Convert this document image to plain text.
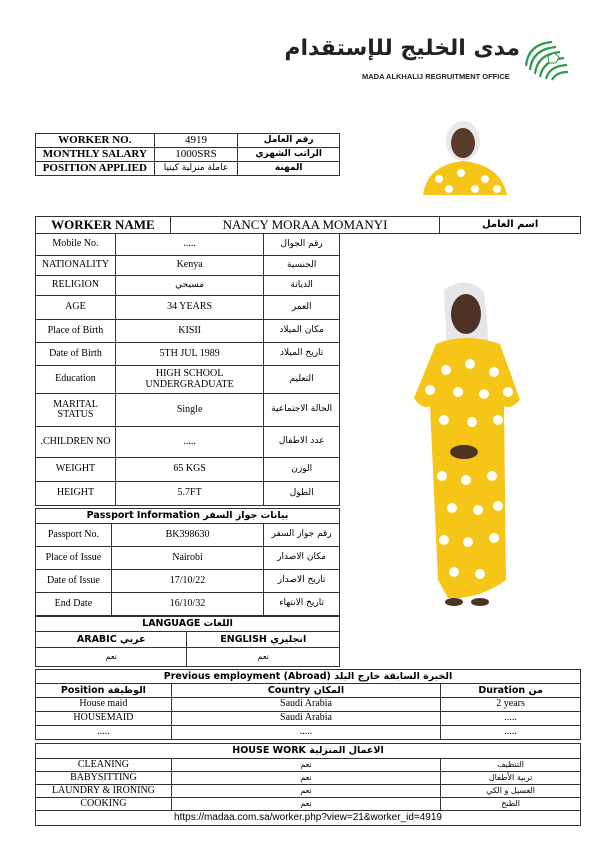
مدى الخليج للإستقدام
MADA ALKHALIJ REGRUITMENT OFFICE
WORKER NO.	4919	رقم العامل
MONTHLY SALARY	1000SRS	الراتب الشهري
POSITION APPLIED	عاملة منزلية كينيا	المهنة
WORKER NAME	NANCY MORAA MOMANYI	اسم العامل
Mobile No.	.....	رقم الجوال
NATIONALITY	Kenya	الجنسية
RELIGION	مسيحي	الديانة
AGE	34 YEARS	العمر
Place of Birth	KISII	مكان الميلاد
Date of Birth	5TH JUL 1989	تاريخ الميلاد
Education	HIGH SCHOOL UNDERGRADUATE	التعليم
MARITAL STATUS	Single	الحالة الاجتماعية
.CHILDREN NO	.....	عدد الاطفال
WEIGHT	65 KGS	الوزن
HEIGHT	5.7FT	الطول
Passport Information بيانات جواز السفر		
Passport No.	BK398630	رقم جواز السفر
Place of Issue	Nairobi	مكان الاصدار
Date of Issue	17/10/22	تاريخ الاصدار
End Date	16/10/32	تاريخ الانتهاء
LANGUAGE اللغات	
ARABIC عربي	ENGLISH انجليزي
نعم	نعم
Previous employment (Abroad) الخبرة السابقة خارج البلد		
Position الوظيفة	Country المكان	Duration من
House maid	Saudi Arabia	2 years
HOUSEMAID	Saudi Arabia	.....
.....	.....	.....
HOUSE WORK الاعمال المنزلية		
CLEANING	نعم	التنظيف
BABYSITTING	نعم	تربية الأطفال
LAUNDRY & IRONING	نعم	الغسيل و الكي
COOKING	نعم	الطبخ
https://madaa.com.sa/worker.php?view=21&worker_id=4919		
